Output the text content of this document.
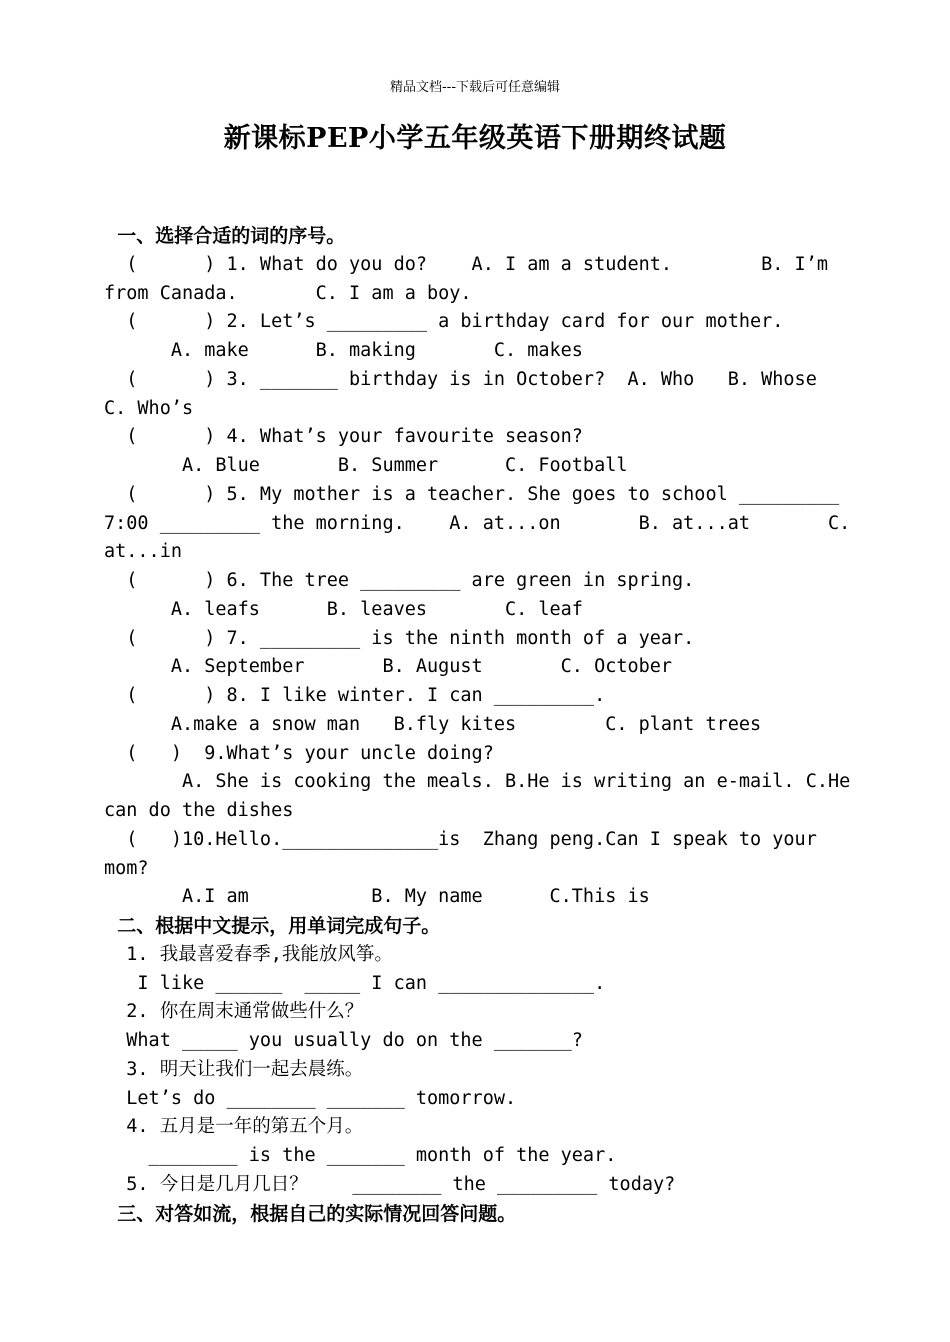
精品文档---下载后可任意编辑
新课标PEP小学五年级英语下册期终试题
一、选择合适的词的序号。
(      ) 1. What do you do?    A. I am a student.        B. I’m
from Canada.       C. I am a boy.
(      ) 2. Let’s _________ a birthday card for our mother.
A. make      B. making       C. makes
(      ) 3. _______ birthday is in October?  A. Who   B. Whose
C. Who’s
(      ) 4. What’s your favourite season?
A. Blue       B. Summer      C. Football
(      ) 5. My mother is a teacher. She goes to school _________
7:00 _________ the morning.    A. at...on       B. at...at       C.
at...in
(      ) 6. The tree _________ are green in spring.
A. leafs      B. leaves       C. leaf
(      ) 7. _________ is the ninth month of a year.
A. September       B. August       C. October
(      ) 8. I like winter. I can _________.
A.make a snow man   B.fly kites        C. plant trees
(   )  9.What’s your uncle doing?
A. She is cooking the meals. B.He is writing an e-mail. C.He
can do the dishes
(   )10.Hello.______________is  Zhang peng.Can I speak to your
mom?
A.I am           B. My name      C.This is
二、根据中文提示，用单词完成句子。
1. 我最喜爱春季,我能放风筝。
I like ______  _____ I can ______________.
2. 你在周末通常做些什么？
What _____ you usually do on the _______?
3. 明天让我们一起去晨练。
Let’s do ________ _______ tomorrow.
4. 五月是一年的第五个月。
________ is the _______ month of the year.
5. 今日是几月几日？    ________ the _________ today?
三、对答如流，根据自己的实际情况回答问题。
